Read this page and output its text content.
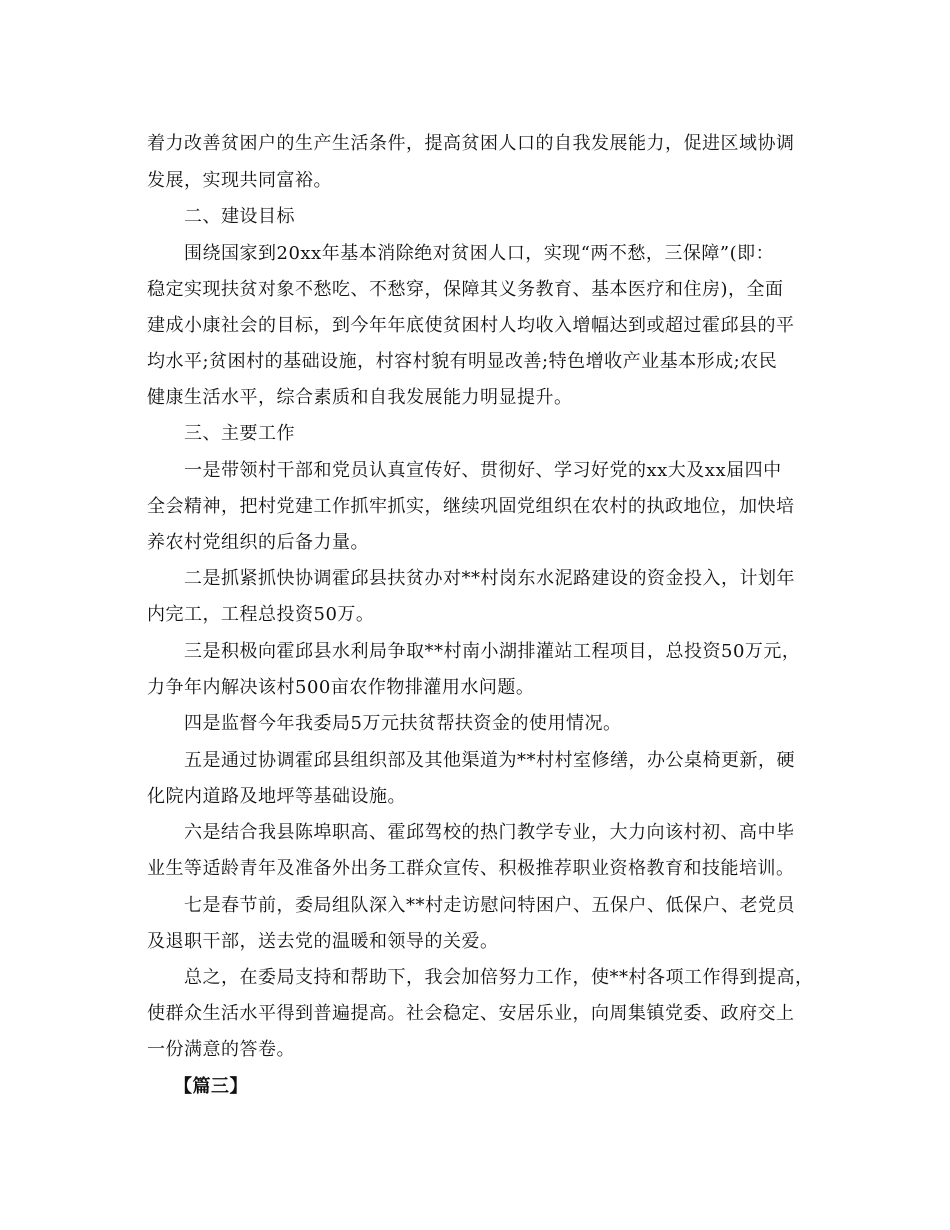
着力改善贫困户的生产生活条件，提高贫困人口的自我发展能力，促进区域协调
发展，实现共同富裕。
二、建设目标
围绕国家到20xx年基本消除绝对贫困人口，实现“两不愁，三保障”(即：
稳定实现扶贫对象不愁吃、不愁穿，保障其义务教育、基本医疗和住房)，全面
建成小康社会的目标，到今年年底使贫困村人均收入增幅达到或超过霍邱县的平
均水平;贫困村的基础设施，村容村貌有明显改善;特色增收产业基本形成;农民
健康生活水平，综合素质和自我发展能力明显提升。
三、主要工作
一是带领村干部和党员认真宣传好、贯彻好、学习好党的xx大及xx届四中
全会精神，把村党建工作抓牢抓实，继续巩固党组织在农村的执政地位，加快培
养农村党组织的后备力量。
二是抓紧抓快协调霍邱县扶贫办对**村岗东水泥路建设的资金投入，计划年
内完工，工程总投资50万。
三是积极向霍邱县水利局争取**村南小湖排灌站工程项目，总投资50万元，
力争年内解决该村500亩农作物排灌用水问题。
四是监督今年我委局5万元扶贫帮扶资金的使用情况。
五是通过协调霍邱县组织部及其他渠道为**村村室修缮，办公桌椅更新，硬
化院内道路及地坪等基础设施。
六是结合我县陈埠职高、霍邱驾校的热门教学专业，大力向该村初、高中毕
业生等适龄青年及准备外出务工群众宣传、积极推荐职业资格教育和技能培训。
七是春节前，委局组队深入**村走访慰问特困户、五保户、低保户、老党员
及退职干部，送去党的温暖和领导的关爱。
总之，在委局支持和帮助下，我会加倍努力工作，使**村各项工作得到提高，
使群众生活水平得到普遍提高。社会稳定、安居乐业，向周集镇党委、政府交上
一份满意的答卷。
【篇三】
